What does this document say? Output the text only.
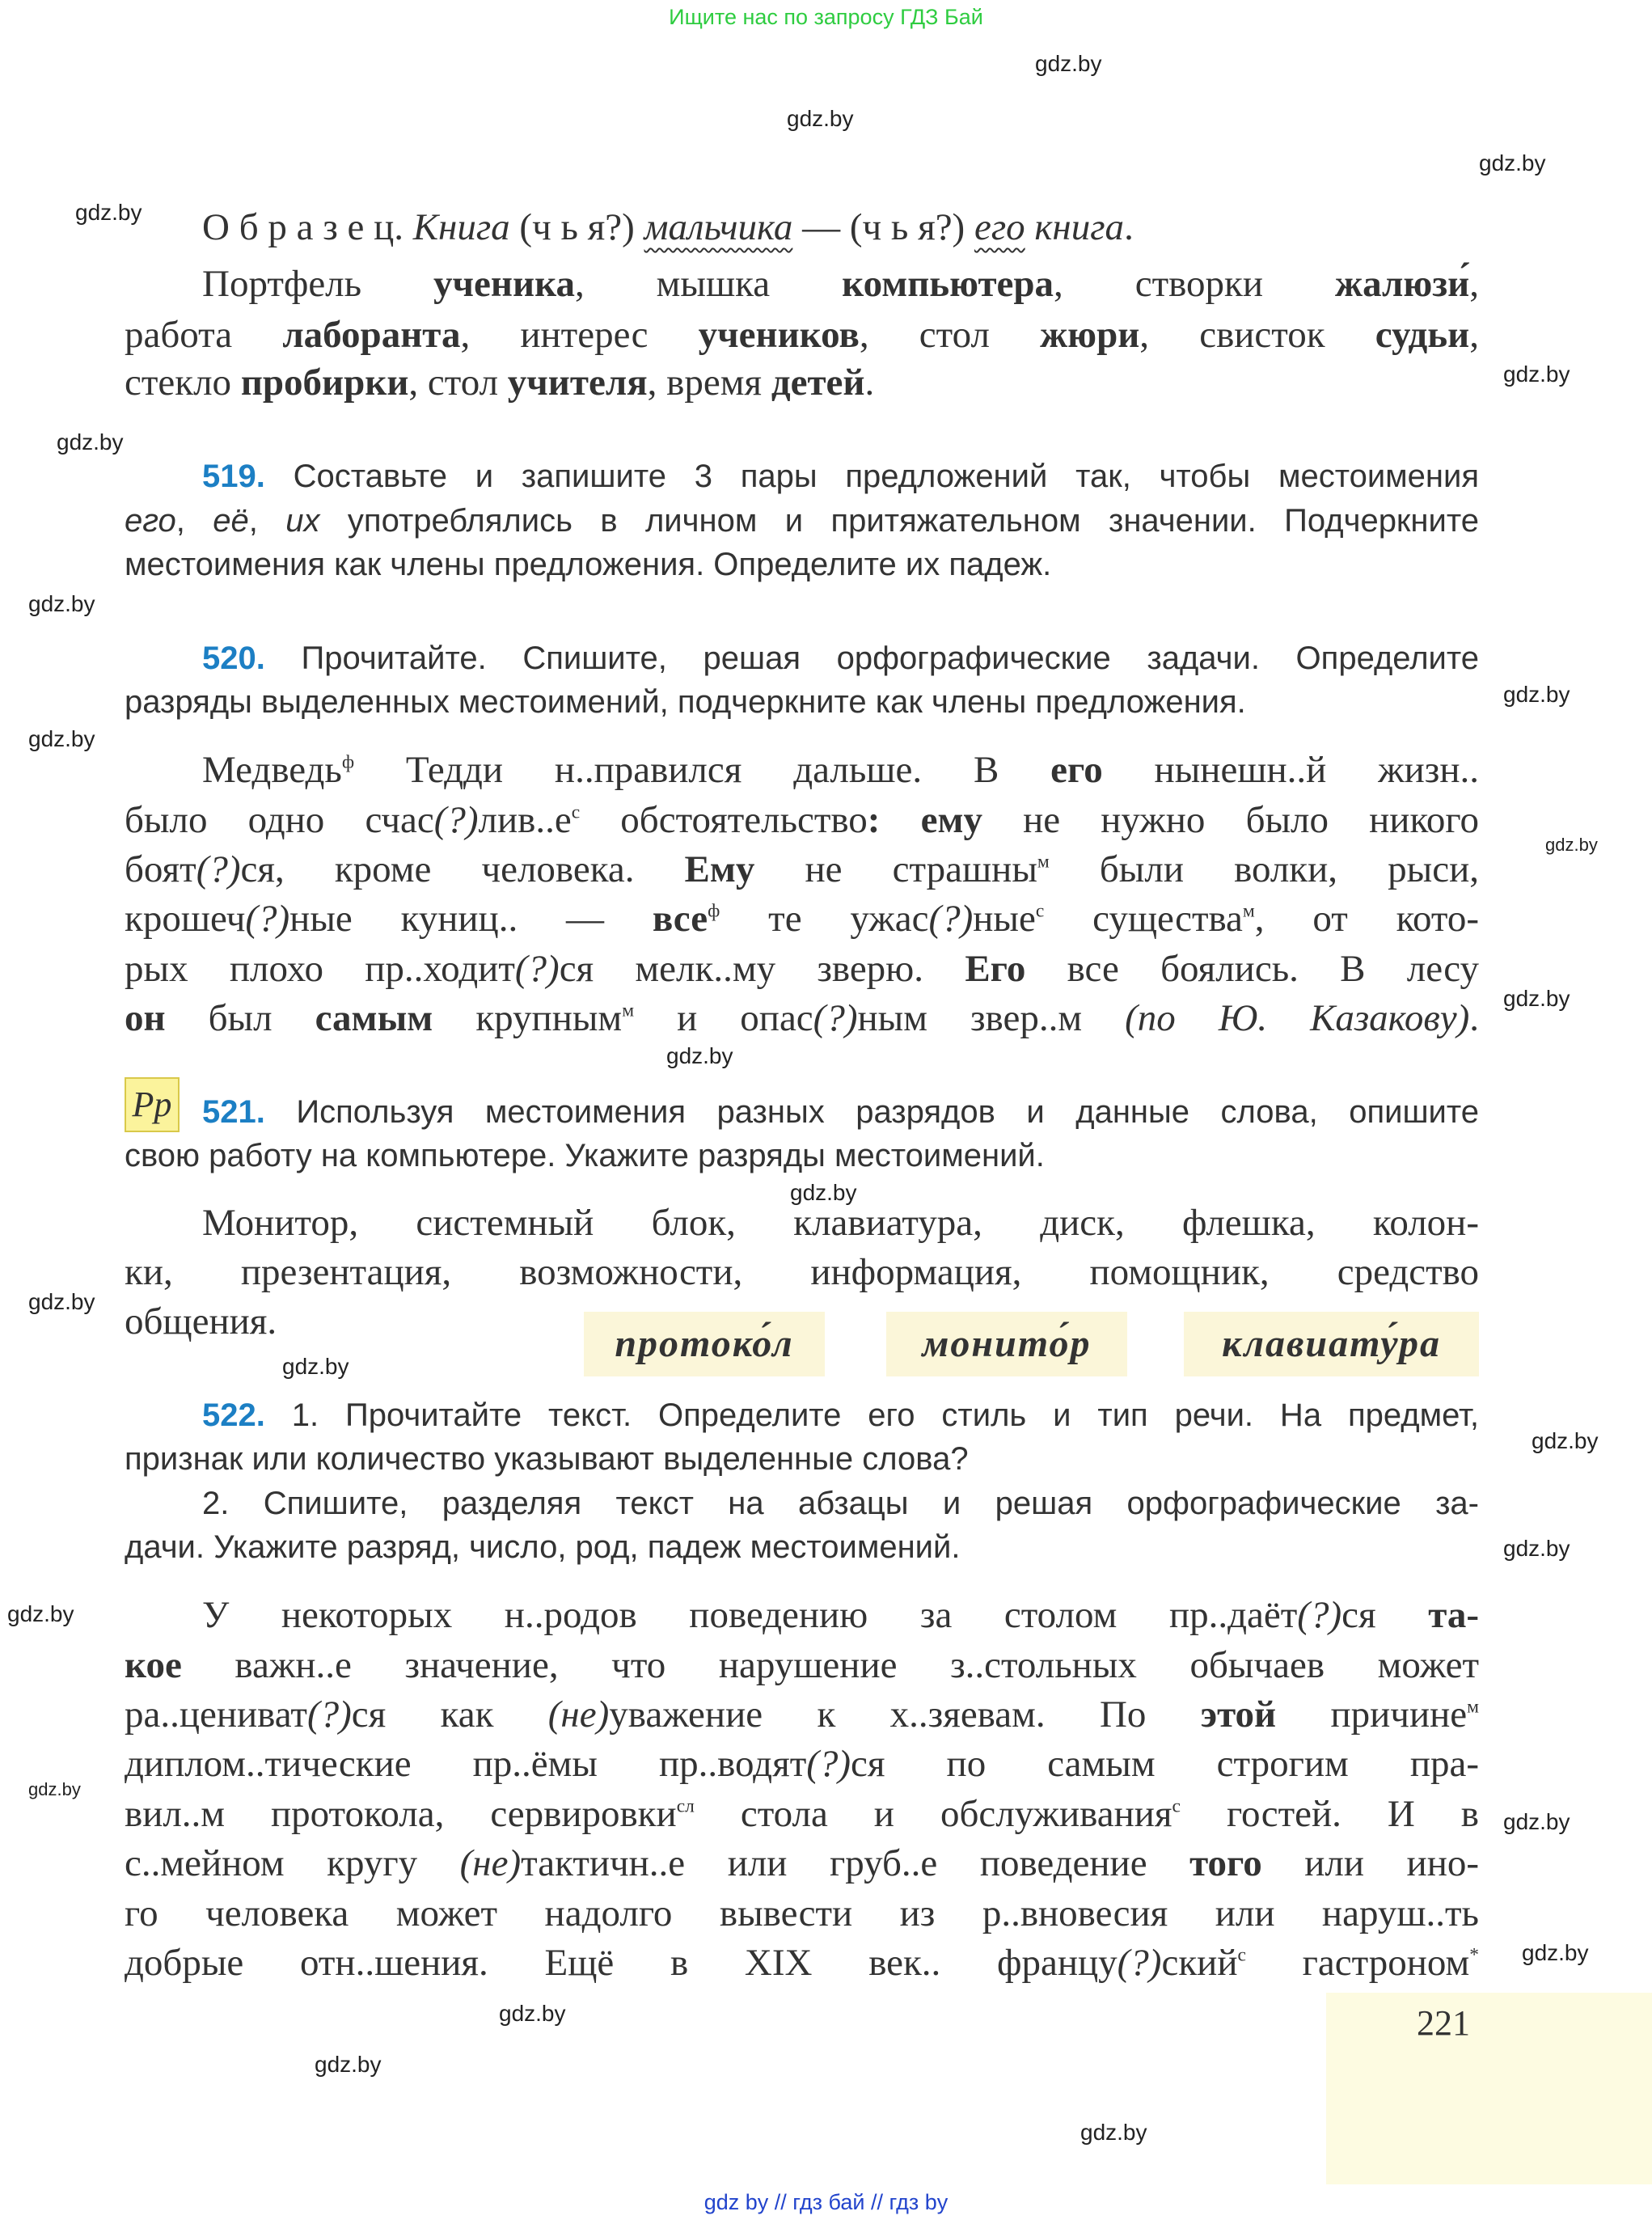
Ищите нас по запросу ГДЗ Бай
О б р а з е ц. Книга (ч ь я?) мальчика — (ч ь я?) его книга.
Портфель ученика, мышка компьютера, створки жалюзи́,
работа лаборанта, интерес учеников, стол жюри, свисток судьи,
стекло пробирки, стол учителя, время детей.
519. Составьте и запишите 3 пары предложений так, чтобы местоимения
его, её, их употреблялись в личном и притяжательном значении. Подчеркните
местоимения как члены предложения. Определите их падеж.
520. Прочитайте. Спишите, решая орфографические задачи. Определите
разряды выделенных местоимений, подчеркните как члены предложения.
Медведь$^ф$ Тедди н..правился дальше. В его нынешн..й жизн..
было одно $счас(?)лив..е^с$ обстоятельство: ему не нужно было никого
боят(?)ся, кроме человека. Ему не страшны$^м$ были волки, рыси,
крошеч(?)ные куниц.. — все$^ф$ те ужас(?)ные$^с$ существа$^м$, от кото-
рых плохо пр..ходит(?)ся мелк..му зверю. Его все боялись. В лесу
он был самым крупным$^м$ и опас(?)ным звер..м (по Ю. Казакову).
521. Используя местоимения разных разрядов и данные слова, опишите
свою работу на компьютере. Укажите разряды местоимений.
Монитор, системный блок, клавиатура, диск, флешка, колон-
ки, презентация, возможности, информация, помощник, средство
общения.
522. 1. Прочитайте текст. Определите его стиль и тип речи. На предмет,
признак или количество указывают выделенные слова?
2. Спишите, разделяя текст на абзацы и решая орфографические за-
дачи. Укажите разряд, число, род, падеж местоимений.
У некоторых н..родов поведению за столом пр..даёт(?)ся та-
кое важн..е значение, что нарушение з..стольных обычаев может
ра..цениват(?)ся как (не)уважение к х..зяевам. По этой причине$^м$
диплом..тические пр..ёмы пр..водят(?)ся по самым строгим пра-
вил..м протокола, сервировки$^{сл}$ стола и обслуживания$^с$ гостей. И в
с..мейном кругу (не)тактичн..е или груб..е поведение того или ино-
го человека может надолго вывести из р..вновесия или наруш..ть
добрые отн..шения. Ещё в XIX век.. францу(?)ский$^с$ гастроном*
gdz.by
gdz.by
gdz.by
gdz.by
gdz.by
gdz.by
gdz.by
gdz.by
gdz.by
gdz.by
gdz.by
gdz.by
gdz.by
gdz.by
gdz.by
gdz.by
gdz.by
gdz.by
gdz.by
gdz.by
gdz.by
gdz.by
gdz.by
gdz.by
Pp
протоко́л	монито́р	клавиату́ра
221
gdz by // гдз бай // гдз by
